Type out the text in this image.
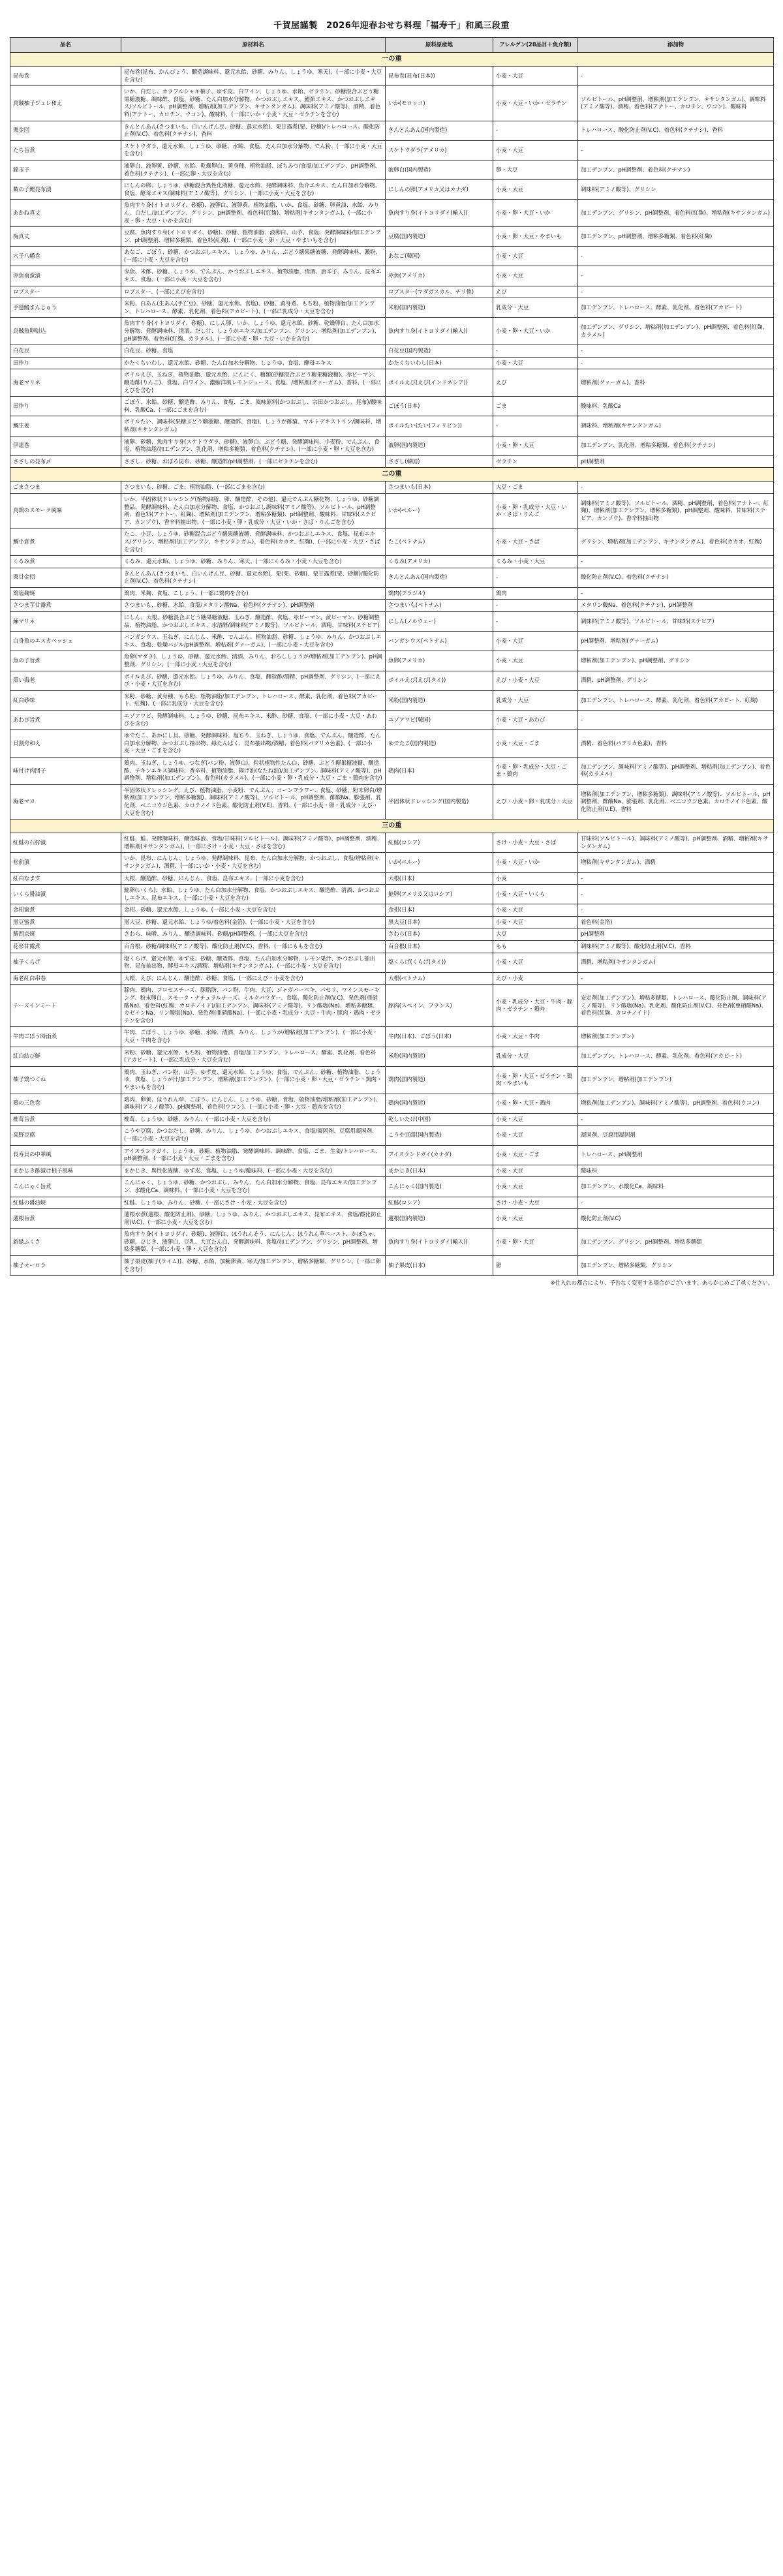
千賀屋謹製　2026年迎春おせち料理「福寿千」和風三段重
品名	原材料名	原料原産地	アレルゲン(28品目＋魚介類)	添加物
一の重				
昆布巻	昆布巻(昆布、かんぴょう、醸造調味料、還元水飴、砂糖、みりん、しょうゆ、寒天)、(一部に小麦・大豆を含む)	昆布巻(昆布(日本))	小麦・大豆	-
鳥賊柚子ジュレ和え	いか、白だし、カラフルシャキ柚子、ゆず皮、白ワイン、しょうゆ、水飴、ゼラチン、砂糖混合ぶどう糖果糖液糖、調味酢、食塩、砂糖、たん白加水分解物、かつおぶしエキス、鰹節エキス、かつおぶしエキス/ソルビトール、pH調整剤、増粘剤(加工デンプン、キサンタンガム)、調味料(アミノ酸等)、酒精、着色料(アナトー、カロチン、ウコン)、酸味料、(一部にいか・小麦・大豆・ゼラチンを含む)	いか(モロッコ)	小麦・大豆・いか・ゼラチン	ソルビトール、pH調整剤、増粘剤(加工デンプン、キサンタンガム)、調味料(アミノ酸等)、酒精、着色料(アナトー、カロチン、ウコン)、酸味料
栗金団	きんとんあん(さつまいも、白いんげん豆、砂糖、還元水飴)、栗甘露煮(栗、砂糖)/トレハロース、酸化防止剤(V.C)、着色料(クチナシ)、香料	きんとんあん(国内製造)	-	トレハロース、酸化防止剤(V.C)、着色料(クチナシ)、香料
たら旨煮	スケトウダラ、還元水飴、しょうゆ、砂糖、水飴、食塩、たん白加水分解物、でん粉、(一部に小麦・大豆を含む)	スケトウダラ(アメリカ)	小麦・大豆	-
錦玉子	液卵白、液卵黄、砂糖、水飴、乾燥卵白、黄身種、植物油脂、ぼちみつ/食塩/加工デンプン、pH調整剤、着色料(クチナシ)、(一部に卵・大豆を含む)	液卵白(国内製造)	卵・大豆	加工デンプン、pH調整剤、着色料(クチナシ)
数の子鰹昆布漬	にしんの卵、しょうゆ、砂糖混合異性化液糖、還元水飴、発酵調味料、魚介エキス、たん白加水分解物、食塩、酵母エキス/調味料(アミノ酸等)、グリシン、(一部に小麦・大豆を含む)	にしんの卵(アメリカ又はカナダ)	小麦・大豆	調味料(アミノ酸等)、グリシン
あかね真丈	魚肉すり身(イトヨリダイ、砂糖)、液卵白、液卵黄、植物油脂、いか、食塩、砂糖、卵黄油、水飴、みりん、白だし/加工デンプン、グリシン、pH調整剤、着色料(紅麹)、増粘剤(キサンタンガム)、(一部に小麦・卵・大豆・いかを含む)	魚肉すり身(イトヨリダイ(輸入))	小麦・卵・大豆・いか	加工デンプン、グリシン、pH調整剤、着色料(紅麹)、増粘剤(キサンタンガム)
梅真丈	豆腐、魚肉すり身(イトヨリダイ、砂糖)、砂糖、植物油脂、液卵白、山芋、食塩、発酵調味料/加工デンプン、pH調整剤、増粘多糖類、着色料(紅麹)、(一部に小麦・卵・大豆・やまいもを含む)	豆腐(国内製造)	小麦・卵・大豆・やまいも	加工デンプン、pH調整剤、増粘多糖類、着色料(紅麹)
穴子八幡巻	あなご、ごぼう、砂糖、かつおぶしエキス、しょうゆ、みりん、ぶどう糖果糖液糖、発酵調味料、澱粉、(一部に小麦・大豆を含む)	あなご(韓国)	小麦・大豆	-
赤魚南蛮漬	赤魚、米酢、砂糖、しょうゆ、でんぷん、かつおぶしエキス、植物油脂、清酒、唐辛子、みりん、昆布エキス、食塩、(一部に小麦・大豆を含む)	赤魚(アメリカ)	小麦・大豆	-
ロブスター	ロブスター、(一部にえびを含む)	ロブスター(マダガスカル、チリ他)	えび	-
手毬鰻まんじゅう	米粉、白あん(生あん(手亡豆)、砂糖、還元水飴、食塩)、砂糖、黄身煮、もち粉、植物油脂/加工デンプン、トレハロース、酵素、乳化剤、着色料(アカビート)、(一部に乳成分・大豆を含む)	米粉(国内製造)	乳成分・大豆	加工デンプン、トレハロース、酵素、乳化剤、着色料(アカビート)
烏賊魚卵射込	魚肉すり身(イトヨリダイ、砂糖)、にしん卵、いか、しょうゆ、還元水飴、砂糖、乾燥卵白、たん白加水分解物、発酵調味料、清酒、だし汁、しょうがエキス/加工デンプン、グリシン、増粘剤(加工デンプン)、pH調整剤、着色料(紅麹、カラメル)、(一部に小麦・卵・大豆・いかを含む)	魚肉すり身(イトヨリダイ(輸入))	小麦・卵・大豆・いか	加工デンプン、グリシン、増粘剤(加工デンプン)、pH調整剤、着色料(紅麹、カラメル)
白花豆	白花豆、砂糖、食塩	白花豆(国内製造)	-	-
田作り	かたくちいわし、還元水飴、砂糖、たん白加水分解物、しょうゆ、食塩、酵母エキス	かたくちいわし(日本)	小麦・大豆	-
海老マリネ	ボイルえび、玉ねぎ、植物油脂、還元水飴、にんにく、糖類(砂糖混合ぶどう糖果糖液糖)、赤ピーマン、醸造酢(りんご)、食塩、白ワイン、濃縮洋風レモンジュース、食塩、/増粘剤(グァーガム)、香料、(一部にえびを含む)	ボイルえび(えび(インドネシア))	えび	増粘剤(グァーガム)、香料
田作り	ごぼう、水飴、砂糖、醸造酢、みりん、食塩、ごま、風味原料(かつおぶし、宗田かつおぶし、昆布)/酸味料、乳酸Ca、(一部にごまを含む)	ごぼう(日本)	ごま	酸味料、乳酸Ca
鯛生姜	ボイルたい、調味料(果糖ぶどう糖液糖、醸造酢、食塩)、しょうが酢漬、マルトデキストリン/調味料、増粘剤(キサンタンガム)	ボイルたい(たい(フィリピン))	-	調味料、増粘剤(キサンタンガム)
伊達巻	液卵、砂糖、魚肉すり身(スケトウダラ、砂糖)、液卵白、ぶどう糖、発酵調味料、小麦粉、でんぷん、食塩、植物油脂/加工デンプン、乳化剤、増粘多糖類、着色料(クチナシ)、(一部に小麦・卵・大豆を含む)	液卵(国内製造)	小麦・卵・大豆	加工デンプン、乳化剤、増粘多糖類、着色料(クチナシ)
さざしの昆布〆	さざし、砂糖、おぼろ昆布、砂糖、醸造酢/pH調整剤、(一部にゼラチンを含む)	さざし(韓国)	ゼラチン	pH調整剤
二の重				
ごまさつま	さつまいも、砂糖、ごま、植物油脂、(一部にごまを含む)	さつまいも(日本)	大豆・ごま	-
鳥鶏のスモーク風味	いか、半固体状ドレッシング(植物油脂、卵、醸造酢、その他)、還元でんぷん糖化物、しょうゆ、砂糖調整品、発酵調味料、たん白加水分解物、食塩、かつおぶし調味料(アミノ酸等)、ソルビトール、pH調整剤、着色料(アナトー、紅麹)、増粘剤(加工デンプン、増粘多糖類)、pH調整剤、酸味料、甘味料(ステビア、カンゾウ)、香辛料抽出物、(一部に小麦・卵・乳成分・大豆・いか・さば・りんごを含む)	いか(ペルー)	小麦・卵・乳成分・大豆・いか・さば・りんご	調味料(アミノ酸等)、ソルビトール、酒精、pH調整剤、着色料(アナトー、紅麹)、増粘剤(加工デンプン、増粘多糖類)、pH調整剤、酸味料、甘味料(ステビア、カンゾウ)、香辛料抽出物
鯛小倉煮	たこ、小豆、しょうゆ、砂糖混合ぶどう糖果糖液糖、発酵調味料、かつおぶしエキス、食塩、昆布エキス/グリシン、増粘剤(加工デンプン、キサンタンガム)、着色料(カカオ、紅麹)、(一部に小麦・大豆・さばを含む)	たこ(ベトナム)	小麦・大豆・さば	グリシン、増粘剤(加工デンプン、キサンタンガム)、着色料(カカオ、紅麹)
くるみ煮	くるみ、還元水飴、しょうゆ、砂糖、みりん、寒天、(一部にくるみ・小麦・大豆を含む)	くるみ(アメリカ)	くるみ・小麦・大豆	-
栗甘金団	きんとんあん(さつまいも、白いんげん豆、砂糖、還元水飴)、栗(栗、砂糖)、栗甘露煮(栗、砂糖)/酸化防止剤(V.C)、着色料(クチナシ)	きんとんあん(国内製造)	-	酸化防止剤(V.C)、着色料(クチナシ)
鶏塩麹焼	鶏肉、米麹、食塩、こしょう、(一部に鶏肉を含む)	鶏肉(ブラジル)	鶏肉	-
さつま芋甘露煮	さつまいも、砂糖、水飴、食塩/メタリン酸Na、着色料(クチナシ)、pH調整剤	さつまいも(ベトナム)	-	メタリン酸Na、着色料(クチナシ)、pH調整剤
鰊マリネ	にしん、大根、砂糖混合ぶどう糖果糖液糖、玉ねぎ、醸造酢、食塩、赤ピーマン、黄ピーマン、砂糖調整品、植物油脂、かつおぶしエキス、水溶酵/調味料(アミノ酸等)、ソルビトール、酒精、甘味料(ステビア)	にしん(ノルウェー)	-	調味料(アミノ酸等)、ソルビトール、甘味料(ステビア)
白身魚のエスカベッシュ	バンガシウス、玉ねぎ、にんじん、米酢、でんぷん、植物油脂、砂糖、しょうゆ、みりん、かつおぶしエキス、食塩、乾燥バジル/pH調整剤、増粘剤(グァーガム)、(一部に小麦・大豆を含む)	バンガシウス(ベトナム)	小麦・大豆	pH調整剤、増粘剤(グァーガム)
魚の子旨煮	魚卵(マダラ)、しょうゆ、砂糖、還元水飴、清酒、みりん、おろししょうが/増粘剤(加工デンプン)、pH調整剤、グリシン、(一部に小麦・大豆を含む)	魚卵(アメリカ)	小麦・大豆	増粘剤(加工デンプン)、pH調整剤、グリシン
照い海老	ボイルえび、砂糖、還元水飴、しょうゆ、みりん、食塩、醸造酢/酒精、pH調整剤、グリシン、(一部にえび・小麦・大豆を含む)	ボイルえび(えび(タイ))	えび・小麦・大豆	酒精、pH調整剤、グリシン
紅白砂味	米粉、砂糖、黄身種、もち粉、植物油脂/加工デンプン、トレハロース、酵素、乳化剤、着色料(アカビート、紅麹)、(一部に乳成分・大豆を含む)	米粉(国内製造)	乳成分・大豆	加工デンプン、トレハロース、酵素、乳化剤、着色料(アカビート、紅麹)
あわび旨煮	エゾアワビ、発酵調味料、しょうゆ、砂糖、昆布エキス、米酢、砂糖、食塩、(一部に小麦・大豆・あわびを含む)	エゾアワビ(韓国)	小麦・大豆・あわび	-
貝割舟和え	ゆでたこ、あかにし貝、砂糖、発酵調味料、塩ちり、玉ねぎ、しょうゆ、食塩、でんぷん、醸造酢、たん白加水分解物、かつおぶし抽出物、緑たんぱく、昆布抽出物/酒精、着色料(パプリカ色素)、(一部に小麦・大豆・ごまを含む)	ゆでたこ(国内製造)	小麦・大豆・ごま	酒精、着色料(パプリカ色素)、香料
味付け肉団子	鶏肉、玉ねぎ、しょうゆ、つなぎ(パン粉、液卵白)、粒状植物性たん白、砂糖、ぶどう糖果糖液糖、醸造酢、チキンエキス調味料、香辛料、植物油脂、揚げ油(なたね油)/加工デンプン、調味料(アミノ酸等)、pH調整剤、増粘剤(加工デンプン)、着色料(カラメル)、(一部に小麦・卵・乳成分・大豆・ごま・鶏肉を含む)	鶏肉(日本)	小麦・卵・乳成分・大豆・ごま・鶏肉	加工デンプン、調味料(アミノ酸等)、pH調整剤、増粘剤(加工デンプン)、着色料(カラメル)
海老マヨ	半固体状ドレッシング、えび、植物油脂、小麦粉、でんぷん、コーンフラワー、食塩、砂糖、粉末卵白/増粘剤(加工デンプン、増粘多糖類)、調味料(アミノ酸等)、ソルビトール、pH調整剤、酢酸Na、膨張剤、乳化剤、ベニコウジ色素、カロチノイド色素、酸化防止剤(V.E)、香料、(一部に小麦・卵・乳成分・えび・大豆を含む)	半固体状ドレッシング(国内製造)	えび・小麦・卵・乳成分・大豆	増粘剤(加工デンプン、増粘多糖類)、調味料(アミノ酸等)、ソルビトール、pH調整剤、酢酸Na、膨張剤、乳化剤、ベニコウジ色素、カロチノイド色素、酸化防止剤(V.E)、香料
三の重				
紅鮭の石狩漬	紅鮭、鮭、発酵調味料、醸造味液、食塩/甘味料(ソルビトール)、調味料(アミノ酸等)、pH調整剤、酒精、増粘剤(キサンタンガム)、(一部にさけ・小麦・大豆・さばを含む)	紅鮭(ロシア)	さけ・小麦・大豆・さば	甘味料(ソルビトール)、調味料(アミノ酸等)、pH調整剤、酒精、増粘剤(キサンタンガム)
松前漬	いか、昆布、にんじん、しょうゆ、発酵調味料、昆布、たん白加水分解物、かつおぶし、食塩/増粘剤(キサンタンガム)、酒精、(一部にいか・小麦・大豆を含む)	いか(ペルー)	小麦・大豆・いか	増粘剤(キサンタンガム)、酒精
紅白なます	大根、醸造酢、砂糖、にんじん、食塩、昆布エキス、(一部に小麦を含む)	大根(日本)	小麦	-
いくら醤油漬	鮭卵(いくら)、水飴、しょうゆ、たん白加水分解物、食塩、かつおぶしエキス、醸造酢、清酒、かつおぶしエキス、昆布エキス、(一部に小麦・大豆を含む)	鮭卵(アメリカ又はロシア)	小麦・大豆・いくら	-
金柑蜜煮	金柑、砂糖、還元水飴、しょうゆ、(一部に小麦・大豆を含む)	金柑(日本)	小麦・大豆	-
黒豆蜜煮	黒大豆、砂糖、還元水飴、しょうゆ/着色料(金箔)、(一部に小麦・大豆を含む)	黒大豆(日本)	小麦・大豆	着色料(金箔)
鰆西京焼	さわら、味噌、みりん、醸造調味料、砂糖/pH調整剤、(一部に大豆を含む)	さわら(日本)	大豆	pH調整剤
花形甘露煮	百合根、砂糖/調味料(アミノ酸等)、酸化防止剤(V.C)、香料、(一部にももを含む)	百合根(日本)	もも	調味料(アミノ酸等)、酸化防止剤(V.C)、香料
柚子くらげ	塩くらげ、還元水飴、ゆず皮、砂糖、醸造酢、食塩、たん白加水分解物、レモン果汁、かつおぶし抽出物、昆布抽出物、酵母エキス/酒精、増粘剤(キサンタンガム)、(一部に小麦・大豆を含む)	塩くらげ(くらげ(タイ))	小麦・大豆	酒精、増粘剤(キサンタンガム)
海老紅白串巻	大根、えび、にんじん、醸造酢、砂糖、食塩、(一部にえび・小麦を含む)	大根(ベトナム)	えび・小麦	-
チーズインミート	豚肉、鶏肉、プロセスチーズ、豚脂肪、パン粉、牛肉、大豆、ジャガバーベキ、パセリ、ワインスモーキング、粉末卵白、スモーク・ナチュラルチーズ、ミルクパウダー、食塩、酸化防止剤(V.C)、発色剤(亜硝酸Na)、着色料(紅麹、カロチノイド)/加工デンプン、調味料(アミノ酸等)、リン酸塩(Na)、増粘多糖類、カゼインNa、リン酸塩(Na)、発色剤(亜硝酸Na)、(一部に小麦・乳成分・大豆・牛肉・豚肉・鶏肉・ゼラチンを含む)	豚肉(スペイン、フランス)	小麦・乳成分・大豆・牛肉・豚肉・ゼラチン・鶏肉	安定剤(加工デンプン)、増粘多糖類、トレハロース、酸化防止剤、調味料(アミノ酸等)、リン酸塩(Na)、乳化剤、酸化防止剤(V.C)、発色剤(亜硝酸Na)、着色料(紅麹、カロチノイド)
牛肉ごぼう時雨煮	牛肉、ごぼう、しょうゆ、砂糖、水飴、清酒、みりん、しょうが/増粘剤(加工デンプン)、(一部に小麦・大豆・牛肉を含む)	牛肉(日本)、ごぼう(日本)	小麦・大豆・牛肉	増粘剤(加工デンプン)
紅白結び鮮	米粉、砂糖、還元水飴、もち粉、植物油脂、食塩/加工デンプン、トレハロース、酵素、乳化剤、着色料(アカビート)、(一部に乳成分・大豆を含む)	米粉(国内製造)	乳成分・大豆	加工デンプン、トレハロース、酵素、乳化剤、着色料(アカビート)
柚子鶏つくね	鶏肉、玉ねぎ、パン粉、山芋、ゆず皮、還元水飴、しょうゆ、食塩、でんぷん、砂糖、植物油脂、しょうゆ、食塩、しょうが汁/加工デンプン、増粘剤(加工デンプン)、(一部に小麦・卵・大豆・ゼラチン・鶏肉・やまいもを含む)	鶏肉(国内製造)	小麦・卵・大豆・ゼラチン・鶏肉・やまいも	加工デンプン、増粘剤(加工デンプン)
鶏の三色巻	鶏肉、卵黄、ほうれん草、ごぼう、にんじん、しょうゆ、砂糖、食塩、植物油脂/増粘剤(加工デンプン)、調味料(アミノ酸等)、pH調整剤、着色料(ウコン)、(一部に小麦・卵・大豆・鶏肉を含む)	鶏肉(国内製造)	小麦・卵・大豆・鶏肉	増粘剤(加工デンプン)、調味料(アミノ酸等)、pH調整剤、着色料(ウコン)
椎茸旨煮	椎茸、しょうゆ、砂糖、みりん、(一部に小麦・大豆を含む)	乾しいたけ(中国)	小麦・大豆	-
高野豆腐	こうや豆腐、かつおだし、砂糖、みりん、しょうゆ、かつおぶしエキス、食塩/凝固剤、豆腐用凝固剤、(一部に小麦・大豆を含む)	こうや豆腐(国内製造)	小麦・大豆	凝固剤、豆腐用凝固剤
長寿貝の中華風	アイスランドガイ、しょうゆ、砂糖、植物油脂、発酵調味料、調味酢、食塩、ごま、生姜/トレハロース、pH調整剤、(一部に小麦・大豆・ごまを含む)	アイスランドガイ(カナダ)	小麦・大豆・ごま	トレハロース、pH調整剤
まかじき酢漬け柚子風味	まかじき、異性化液糖、ゆず皮、食塩、しょうゆ/酸味料、(一部に小麦・大豆を含む)	まかじき(日本)	小麦・大豆	酸味料
こんにゃく旨煮	こんにゃく、しょうゆ、砂糖、かつおぶし、みりん、たん白加水分解物、食塩、昆布エキス/加工デンプン、水酸化Ca、調味料、(一部に小麦・大豆を含む)	こんにゃく(国内製造)	小麦・大豆	加工デンプン、水酸化Ca、調味料
紅鮭の醤油焼	紅鮭、しょうゆ、みりん、砂糖、(一部にさけ・小麦・大豆を含む)	紅鮭(ロシア)	さけ・小麦・大豆	-
蓮根旨煮	蓮根水煮(蓮根、酸化防止剤)、砂糖、しょうゆ、みりん、かつおぶしエキス、昆布エキス、食塩/酸化防止剤(V.C)、(一部に小麦・大豆を含む)	蓮根(国内製造)	小麦・大豆	酸化防止剤(V.C)
新緑ふくさ	魚肉すり身(イトヨリダイ、砂糖)、液卵白、ほうれんそう、にんじん、ほうれん草ペースト、かぼちゃ、砂糖、ひじき、液卵白、豆乳、大豆たん白、発酵調味料、食塩/加工デンプン、グリシン、pH調整剤、増粘多糖類、(一部に小麦・卵・大豆を含む)	魚肉すり身(イトヨリダイ(輸入))	小麦・卵・大豆	加工デンプン、グリシン、pH調整剤、増粘多糖類
柚子オーロラ	柚子果皮(柚子(ライム))、砂糖、水飴、加糖卵黄、寒天/加工デンプン、増粘多糖類、グリシン、(一部に卵を含む)	柚子果皮(日本)	卵	加工デンプン、増粘多糖類、グリシン
※仕入れの都合により、予告なく変更する場合がございます。あらかじめご了承ください。
